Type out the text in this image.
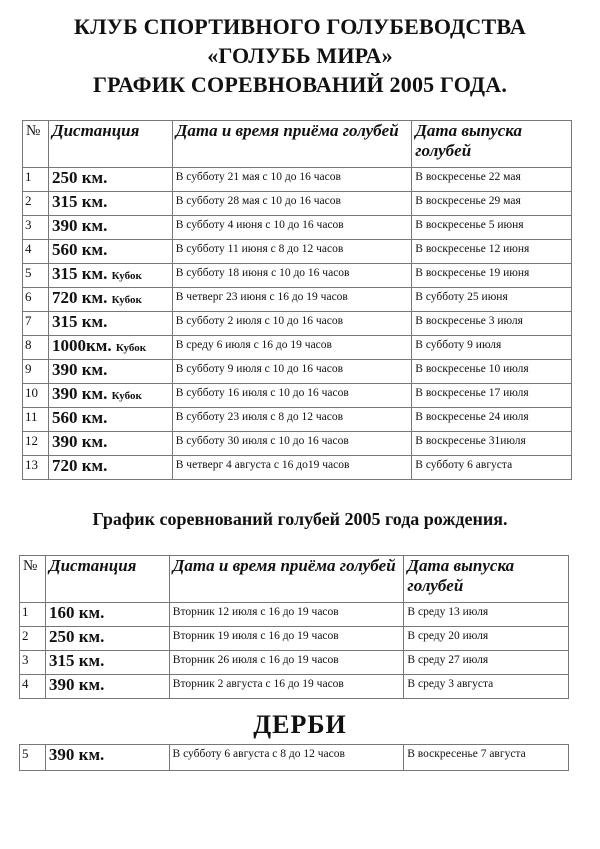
КЛУБ СПОРТИВНОГО ГОЛУБЕВОДСТВА
«ГОЛУБЬ МИРА»
ГРАФИК СОРЕВНОВАНИЙ 2005 ГОДА.
№	Дистанция	Дата и время приёма голубей	Дата выпуска голубей
1	250 км.	В субботу 21 мая с 10 до 16 часов	В воскресенье 22 мая
2	315 км.	В субботу 28 мая с 10 до 16 часов	В воскресенье 29 мая
3	390 км.	В субботу 4 июня с 10 до 16 часов	В воскресенье 5 июня
4	560 км.	В субботу 11 июня с 8 до 12 часов	В воскресенье 12 июня
5	315 км. Кубок	В субботу 18 июня с 10 до 16 часов	В воскресенье 19 июня
6	720 км. Кубок	В четверг 23 июня с 16 до 19 часов	В субботу 25 июня
7	315 км.	В субботу 2 июля с 10 до 16 часов	В воскресенье 3 июля
8	1000км. Кубок	В среду 6 июля с 16 до 19 часов	В субботу 9 июля
9	390 км.	В субботу 9 июля с 10 до 16 часов	В воскресенье 10 июля
10	390 км. Кубок	В субботу 16 июля с 10 до 16 часов	В воскресенье 17 июля
11	560 км.	В субботу 23 июля с 8 до 12 часов	В воскресенье 24 июля
12	390 км.	В субботу 30 июля с 10 до 16 часов	В воскресенье 31июля
13	720 км.	В четверг 4 августа с 16 до19 часов	В субботу 6 августа
График соревнований голубей 2005 года рождения.
№	Дистанция	Дата и время приёма голубей	Дата выпуска голубей
1	160 км.	Вторник 12 июля с 16 до 19 часов	В среду 13 июля
2	250 км.	Вторник 19 июля с 16 до 19 часов	В среду 20 июля
3	315 км.	Вторник 26 июля с 16 до 19 часов	В среду 27 июля
4	390 км.	Вторник 2 августа с 16 до 19 часов	В среду 3 августа
ДЕРБИ
5	390 км.	В субботу 6 августа с 8 до 12 часов	В воскресенье 7 августа
